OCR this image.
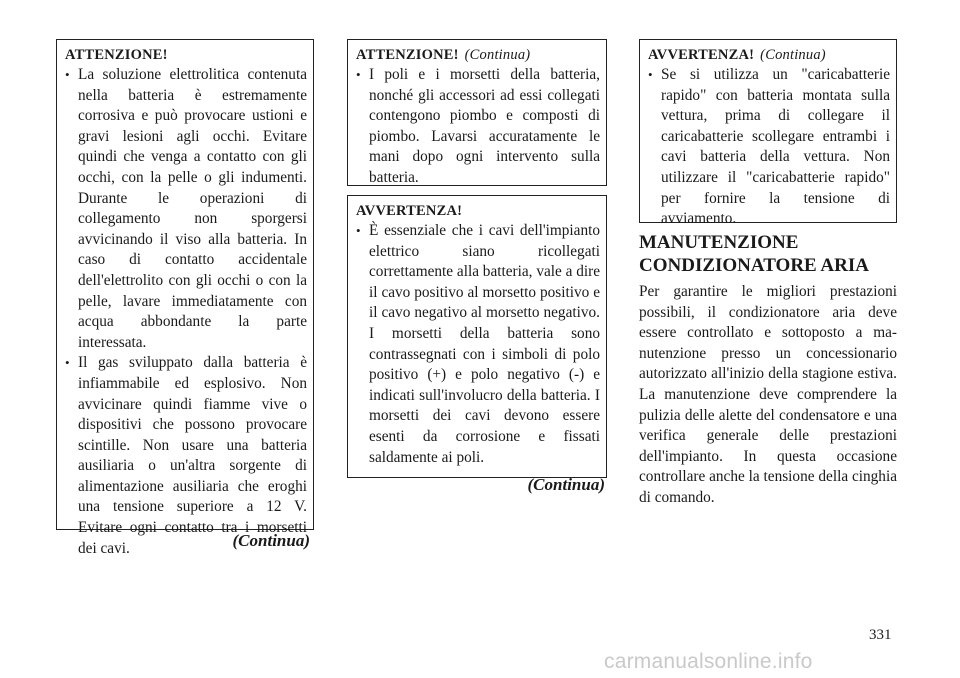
ATTENZIONE!
• La soluzione elettrolitica contenuta nella batteria è estremamente corrosiva e può provocare ustioni e gravi lesioni agli occhi. Evitare quindi che venga a contatto con gli occhi, con la pelle o gli indumenti. Durante le operazioni di collegamento non sporgersi avvicinando il viso alla batteria. In caso di contatto accidentale dell'elettrolito con gli occhi o con la pelle, lavare immediatamente con acqua abbondante la parte interessata.
• Il gas sviluppato dalla batteria è infiammabile ed esplosivo. Non avvicinare quindi fiamme vive o dispositivi che possono provocare scintille. Non usare una batteria ausiliaria o un'altra sorgente di alimentazione ausiliaria che eroghi una tensione superiore a 12 V. Evitare ogni contatto tra i morsetti dei cavi.	(Continua)
ATTENZIONE! (Continua)
• I poli e i morsetti della batteria, nonché gli accessori ad essi collegati contengono piombo e composti di piombo. Lavarsi accuratamente le mani dopo ogni intervento sulla batteria.
AVVERTENZA!
• È essenziale che i cavi dell'impianto elettrico siano ricollegati correttamente alla batteria, vale a dire il cavo positivo al morsetto positivo e il cavo negativo al morsetto negativo. I morsetti della batteria sono contrassegnati con i simboli di polo positivo (+) e polo negativo (-) e indicati sull'involucro della batteria. I morsetti dei cavi devono essere esenti da corrosione e fissati saldamente ai poli.
(Continua)
AVVERTENZA! (Continua)
• Se si utilizza un "caricabatterie rapido" con batteria montata sulla vettura, prima di collegare il caricabatterie scollegare entrambi i cavi batteria della vettura. Non utilizzare il "caricabatterie rapido" per fornire la tensione di avviamento.
MANUTENZIONE
CONDIZIONATORE ARIA

Per garantire le migliori prestazioni possibili, il condizionatore aria deve essere controllato e sottoposto a manutenzione presso un concessionario autorizzato all'inizio della stagione estiva. La manutenzione deve comprendere la pulizia delle alette del condensatore e una verifica generale delle prestazioni dell'impianto. In questa occasione controllare anche la tensione della cinghia di comando.

331
carmanualsonline.info
